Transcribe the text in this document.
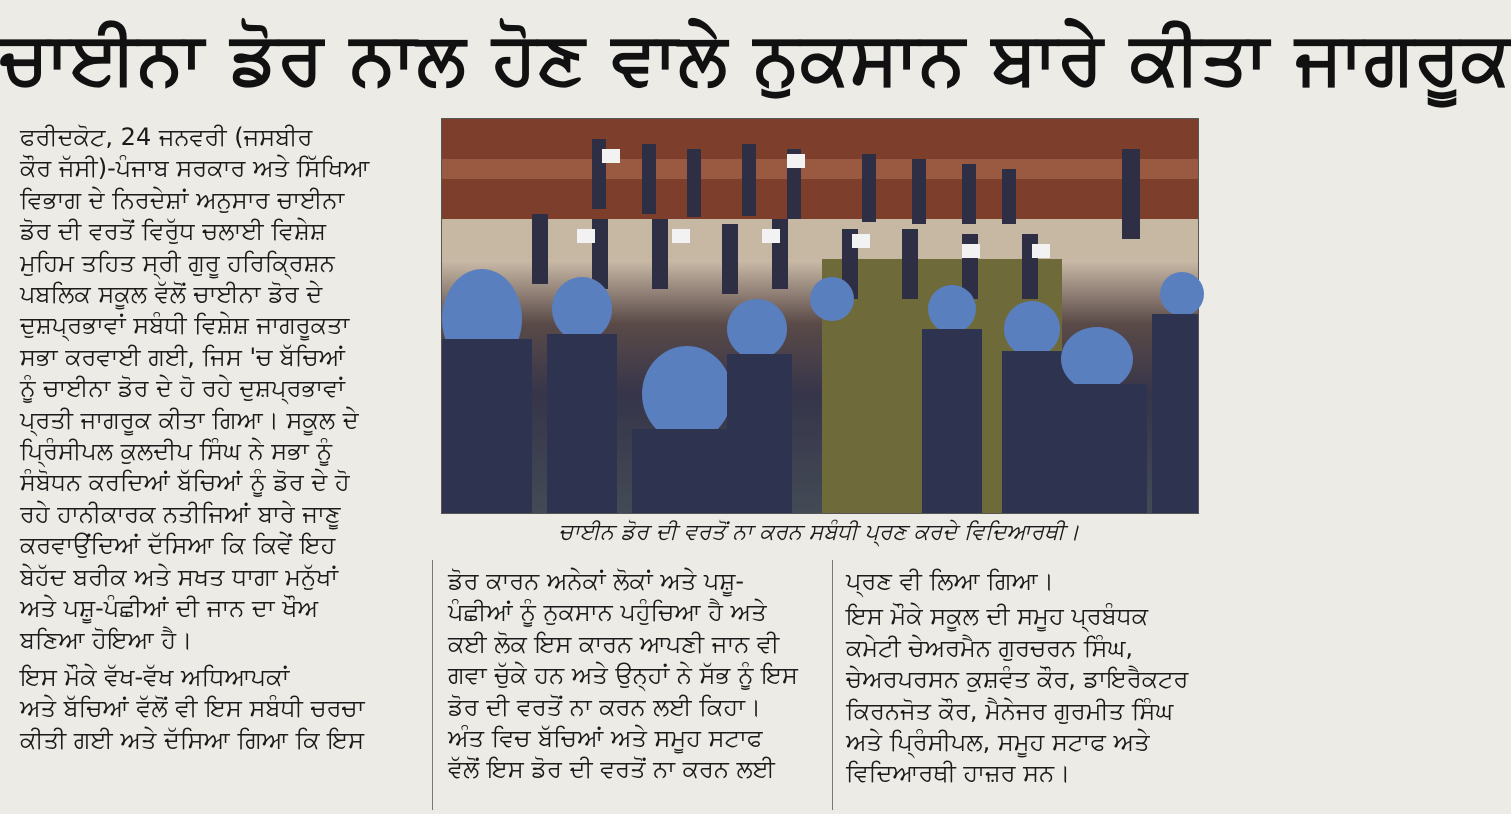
ਚਾਈਨਾ ਡੋਰ ਨਾਲ ਹੋਣ ਵਾਲੇ ਨੁਕਸਾਨ ਬਾਰੇ ਕੀਤਾ ਜਾਗਰੂਕ

ਫਰੀਦਕੋਟ, 24 ਜਨਵਰੀ (ਜਸਬੀਰ
ਕੌਰ ਜੱਸੀ)-ਪੰਜਾਬ ਸਰਕਾਰ ਅਤੇ ਸਿੱਖਿਆ
ਵਿਭਾਗ ਦੇ ਨਿਰਦੇਸ਼ਾਂ ਅਨੁਸਾਰ ਚਾਈਨਾ
ਡੋਰ ਦੀ ਵਰਤੋਂ ਵਿਰੁੱਧ ਚਲਾਈ ਵਿਸ਼ੇਸ਼
ਮੁਹਿਮ ਤਹਿਤ ਸ੍ਰੀ ਗੁਰੂ ਹਰਿਕ੍ਰਿਸ਼ਨ
ਪਬਲਿਕ ਸਕੂਲ ਵੱਲੋਂ ਚਾਈਨਾ ਡੋਰ ਦੇ
ਦੁਸ਼ਪ੍ਰਭਾਵਾਂ ਸਬੰਧੀ ਵਿਸ਼ੇਸ਼ ਜਾਗਰੂਕਤਾ
ਸਭਾ ਕਰਵਾਈ ਗਈ, ਜਿਸ 'ਚ ਬੱਚਿਆਂ
ਨੂੰ ਚਾਈਨਾ ਡੋਰ ਦੇ ਹੋ ਰਹੇ ਦੁਸ਼ਪ੍ਰਭਾਵਾਂ
ਪ੍ਰਤੀ ਜਾਗਰੂਕ ਕੀਤਾ ਗਿਆ। ਸਕੂਲ ਦੇ
ਪ੍ਰਿੰਸੀਪਲ ਕੁਲਦੀਪ ਸਿੰਘ ਨੇ ਸਭਾ ਨੂੰ
ਸੰਬੋਧਨ ਕਰਦਿਆਂ ਬੱਚਿਆਂ ਨੂੰ ਡੋਰ ਦੇ ਹੋ
ਰਹੇ ਹਾਨੀਕਾਰਕ ਨਤੀਜਿਆਂ ਬਾਰੇ ਜਾਣੂ
ਕਰਵਾਉਂਦਿਆਂ ਦੱਸਿਆ ਕਿ ਕਿਵੇਂ ਇਹ
ਬੇਹੱਦ ਬਰੀਕ ਅਤੇ ਸਖਤ ਧਾਗਾ ਮਨੁੱਖਾਂ
ਅਤੇ ਪਸ਼ੂ-ਪੰਛੀਆਂ ਦੀ ਜਾਨ ਦਾ ਖੌਅ
ਬਣਿਆ ਹੋਇਆ ਹੈ।

ਇਸ ਮੌਕੇ ਵੱਖ-ਵੱਖ ਅਧਿਆਪਕਾਂ
ਅਤੇ ਬੱਚਿਆਂ ਵੱਲੋਂ ਵੀ ਇਸ ਸਬੰਧੀ ਚਰਚਾ
ਕੀਤੀ ਗਈ ਅਤੇ ਦੱਸਿਆ ਗਿਆ ਕਿ ਇਸ

ਚਾਈਨ ਡੋਰ ਦੀ ਵਰਤੋਂ ਨਾ ਕਰਨ ਸਬੰਧੀ ਪ੍ਰਣ ਕਰਦੇ ਵਿਦਿਆਰਥੀ।

ਡੋਰ ਕਾਰਨ ਅਨੇਕਾਂ ਲੋਕਾਂ ਅਤੇ ਪਸ਼ੂ-
ਪੰਛੀਆਂ ਨੂੰ ਨੁਕਸਾਨ ਪਹੁੰਚਿਆ ਹੈ ਅਤੇ
ਕਈ ਲੋਕ ਇਸ ਕਾਰਨ ਆਪਣੀ ਜਾਨ ਵੀ
ਗਵਾ ਚੁੱਕੇ ਹਨ ਅਤੇ ਉਨ੍ਹਾਂ ਨੇ ਸੱਭ ਨੂੰ ਇਸ
ਡੋਰ ਦੀ ਵਰਤੋਂ ਨਾ ਕਰਨ ਲਈ ਕਿਹਾ।
ਅੰਤ ਵਿਚ ਬੱਚਿਆਂ ਅਤੇ ਸਮੂਹ ਸਟਾਫ
ਵੱਲੋਂ ਇਸ ਡੋਰ ਦੀ ਵਰਤੋਂ ਨਾ ਕਰਨ ਲਈ

ਪ੍ਰਣ ਵੀ ਲਿਆ ਗਿਆ।

ਇਸ ਮੌਕੇ ਸਕੂਲ ਦੀ ਸਮੂਹ ਪ੍ਰਬੰਧਕ
ਕਮੇਟੀ ਚੇਅਰਮੈਨ ਗੁਰਚਰਨ ਸਿੰਘ,
ਚੇਅਰਪਰਸਨ ਕੁਸ਼ਵੰਤ ਕੌਰ, ਡਾਇਰੈਕਟਰ
ਕਿਰਨਜੋਤ ਕੌਰ, ਮੈਨੇਜਰ ਗੁਰਮੀਤ ਸਿੰਘ
ਅਤੇ ਪ੍ਰਿੰਸੀਪਲ, ਸਮੂਹ ਸਟਾਫ ਅਤੇ
ਵਿਦਿਆਰਥੀ ਹਾਜ਼ਰ ਸਨ।
